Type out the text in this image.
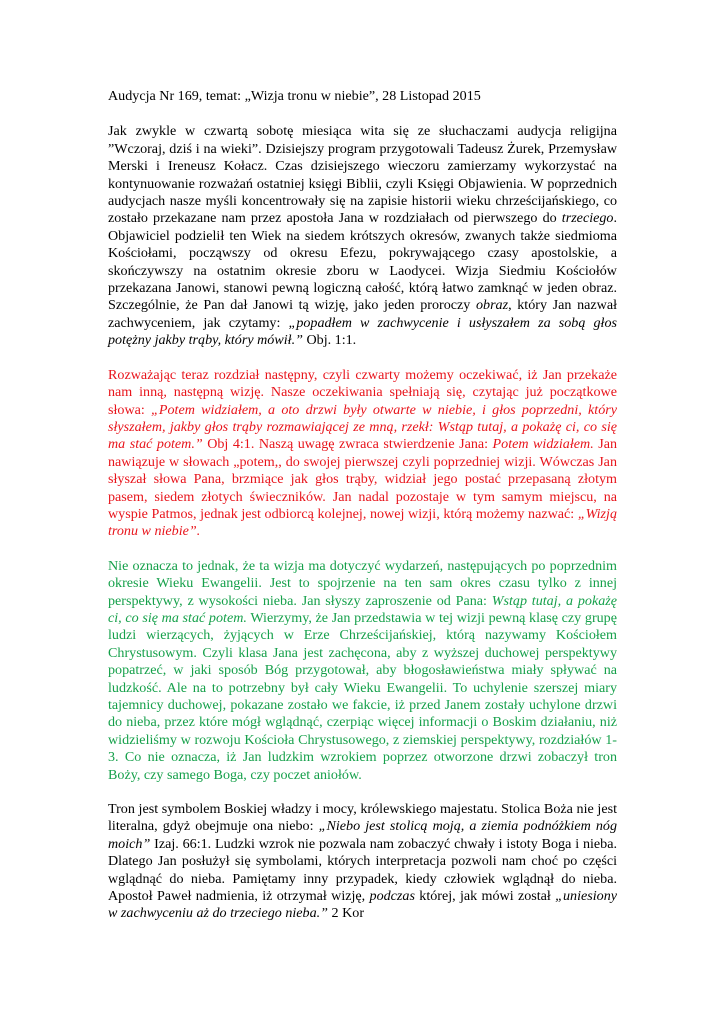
Audycja Nr 169, temat: „Wizja tronu w niebie”, 28 Listopad 2015

Jak zwykle w czwartą sobotę miesiąca wita się ze słuchaczami audycja religijna ”Wczoraj, dziś i na wieki”. Dzisiejszy program przygotowali Tadeusz Żurek, Przemysław Merski i Ireneusz Kołacz. Czas dzisiejszego wieczoru zamierzamy wykorzystać na kontynuowanie rozważań ostatniej księgi Biblii, czyli Księgi Objawienia. W poprzednich audycjach nasze myśli koncentrowały się na zapisie historii wieku chrześcijańskiego, co zostało przekazane nam przez apostoła Jana w rozdziałach od pierwszego do trzeciego. Objawiciel podzielił ten Wiek na siedem krótszych okresów, zwanych także siedmioma Kościołami, począwszy od okresu Efezu, pokrywającego czasy apostolskie, a skończywszy na ostatnim okresie zboru w Laodycei. Wizja Siedmiu Kościołów przekazana Janowi, stanowi pewną logiczną całość, którą łatwo zamknąć w jeden obraz. Szczególnie, że Pan dał Janowi tą wizję, jako jeden proroczy obraz, który Jan nazwał zachwyceniem, jak czytamy: „popadłem w zachwycenie i usłyszałem za sobą głos potężny jakby trąby, który mówił.” Obj. 1:1.

Rozważając teraz rozdział następny, czyli czwarty możemy oczekiwać, iż Jan przekaże nam inną, następną wizję. Nasze oczekiwania spełniają się, czytając już początkowe słowa: „Potem widziałem, a oto drzwi były otwarte w niebie, i głos poprzedni, który słyszałem, jakby głos trąby rozmawiającej ze mną, rzekł: Wstąp tutaj, a pokażę ci, co się ma stać potem.” Obj 4:1. Naszą uwagę zwraca stwierdzenie Jana: Potem widziałem. Jan nawiązuje w słowach „potem,, do swojej pierwszej czyli poprzedniej wizji. Wówczas Jan słyszał słowa Pana, brzmiące jak głos trąby, widział jego postać przepasaną złotym pasem, siedem złotych świeczników. Jan nadal pozostaje w tym samym miejscu, na wyspie Patmos, jednak jest odbiorcą kolejnej, nowej wizji, którą możemy nazwać: „Wizją tronu w niebie”.

Nie oznacza to jednak, że ta wizja ma dotyczyć wydarzeń, następujących po poprzednim okresie Wieku Ewangelii. Jest to spojrzenie na ten sam okres czasu tylko z innej perspektywy, z wysokości nieba. Jan słyszy zaproszenie od Pana: Wstąp tutaj, a pokażę ci, co się ma stać potem. Wierzymy, że Jan przedstawia w tej wizji pewną klasę czy grupę ludzi wierzących, żyjących w Erze Chrześcijańskiej, którą nazywamy Kościołem Chrystusowym. Czyli klasa Jana jest zachęcona, aby z wyższej duchowej perspektywy popatrzeć, w jaki sposób Bóg przygotował, aby błogosławieństwa miały spływać na ludzkość. Ale na to potrzebny był cały Wieku Ewangelii. To uchylenie szerszej miary tajemnicy duchowej, pokazane zostało we fakcie, iż przed Janem zostały uchylone drzwi do nieba, przez które mógł wglądnąć, czerpiąc więcej informacji o Boskim działaniu, niż widzieliśmy w rozwoju Kościoła Chrystusowego, z ziemskiej perspektywy, rozdziałów 1-3. Co nie oznacza, iż Jan ludzkim wzrokiem poprzez otworzone drzwi zobaczył tron Boży, czy samego Boga, czy poczet aniołów.

Tron jest symbolem Boskiej władzy i mocy, królewskiego majestatu. Stolica Boża nie jest literalna, gdyż obejmuje ona niebo: „Niebo jest stolicą moją, a ziemia podnóżkiem nóg moich” Izaj. 66:1. Ludzki wzrok nie pozwala nam zobaczyć chwały i istoty Boga i nieba. Dlatego Jan posłużył się symbolami, których interpretacja pozwoli nam choć po części wglądnąć do nieba. Pamiętamy inny przypadek, kiedy człowiek wglądnął do nieba. Apostoł Paweł nadmienia, iż otrzymał wizję, podczas której, jak mówi został „uniesiony w zachwyceniu aż do trzeciego nieba.” 2 Kor
